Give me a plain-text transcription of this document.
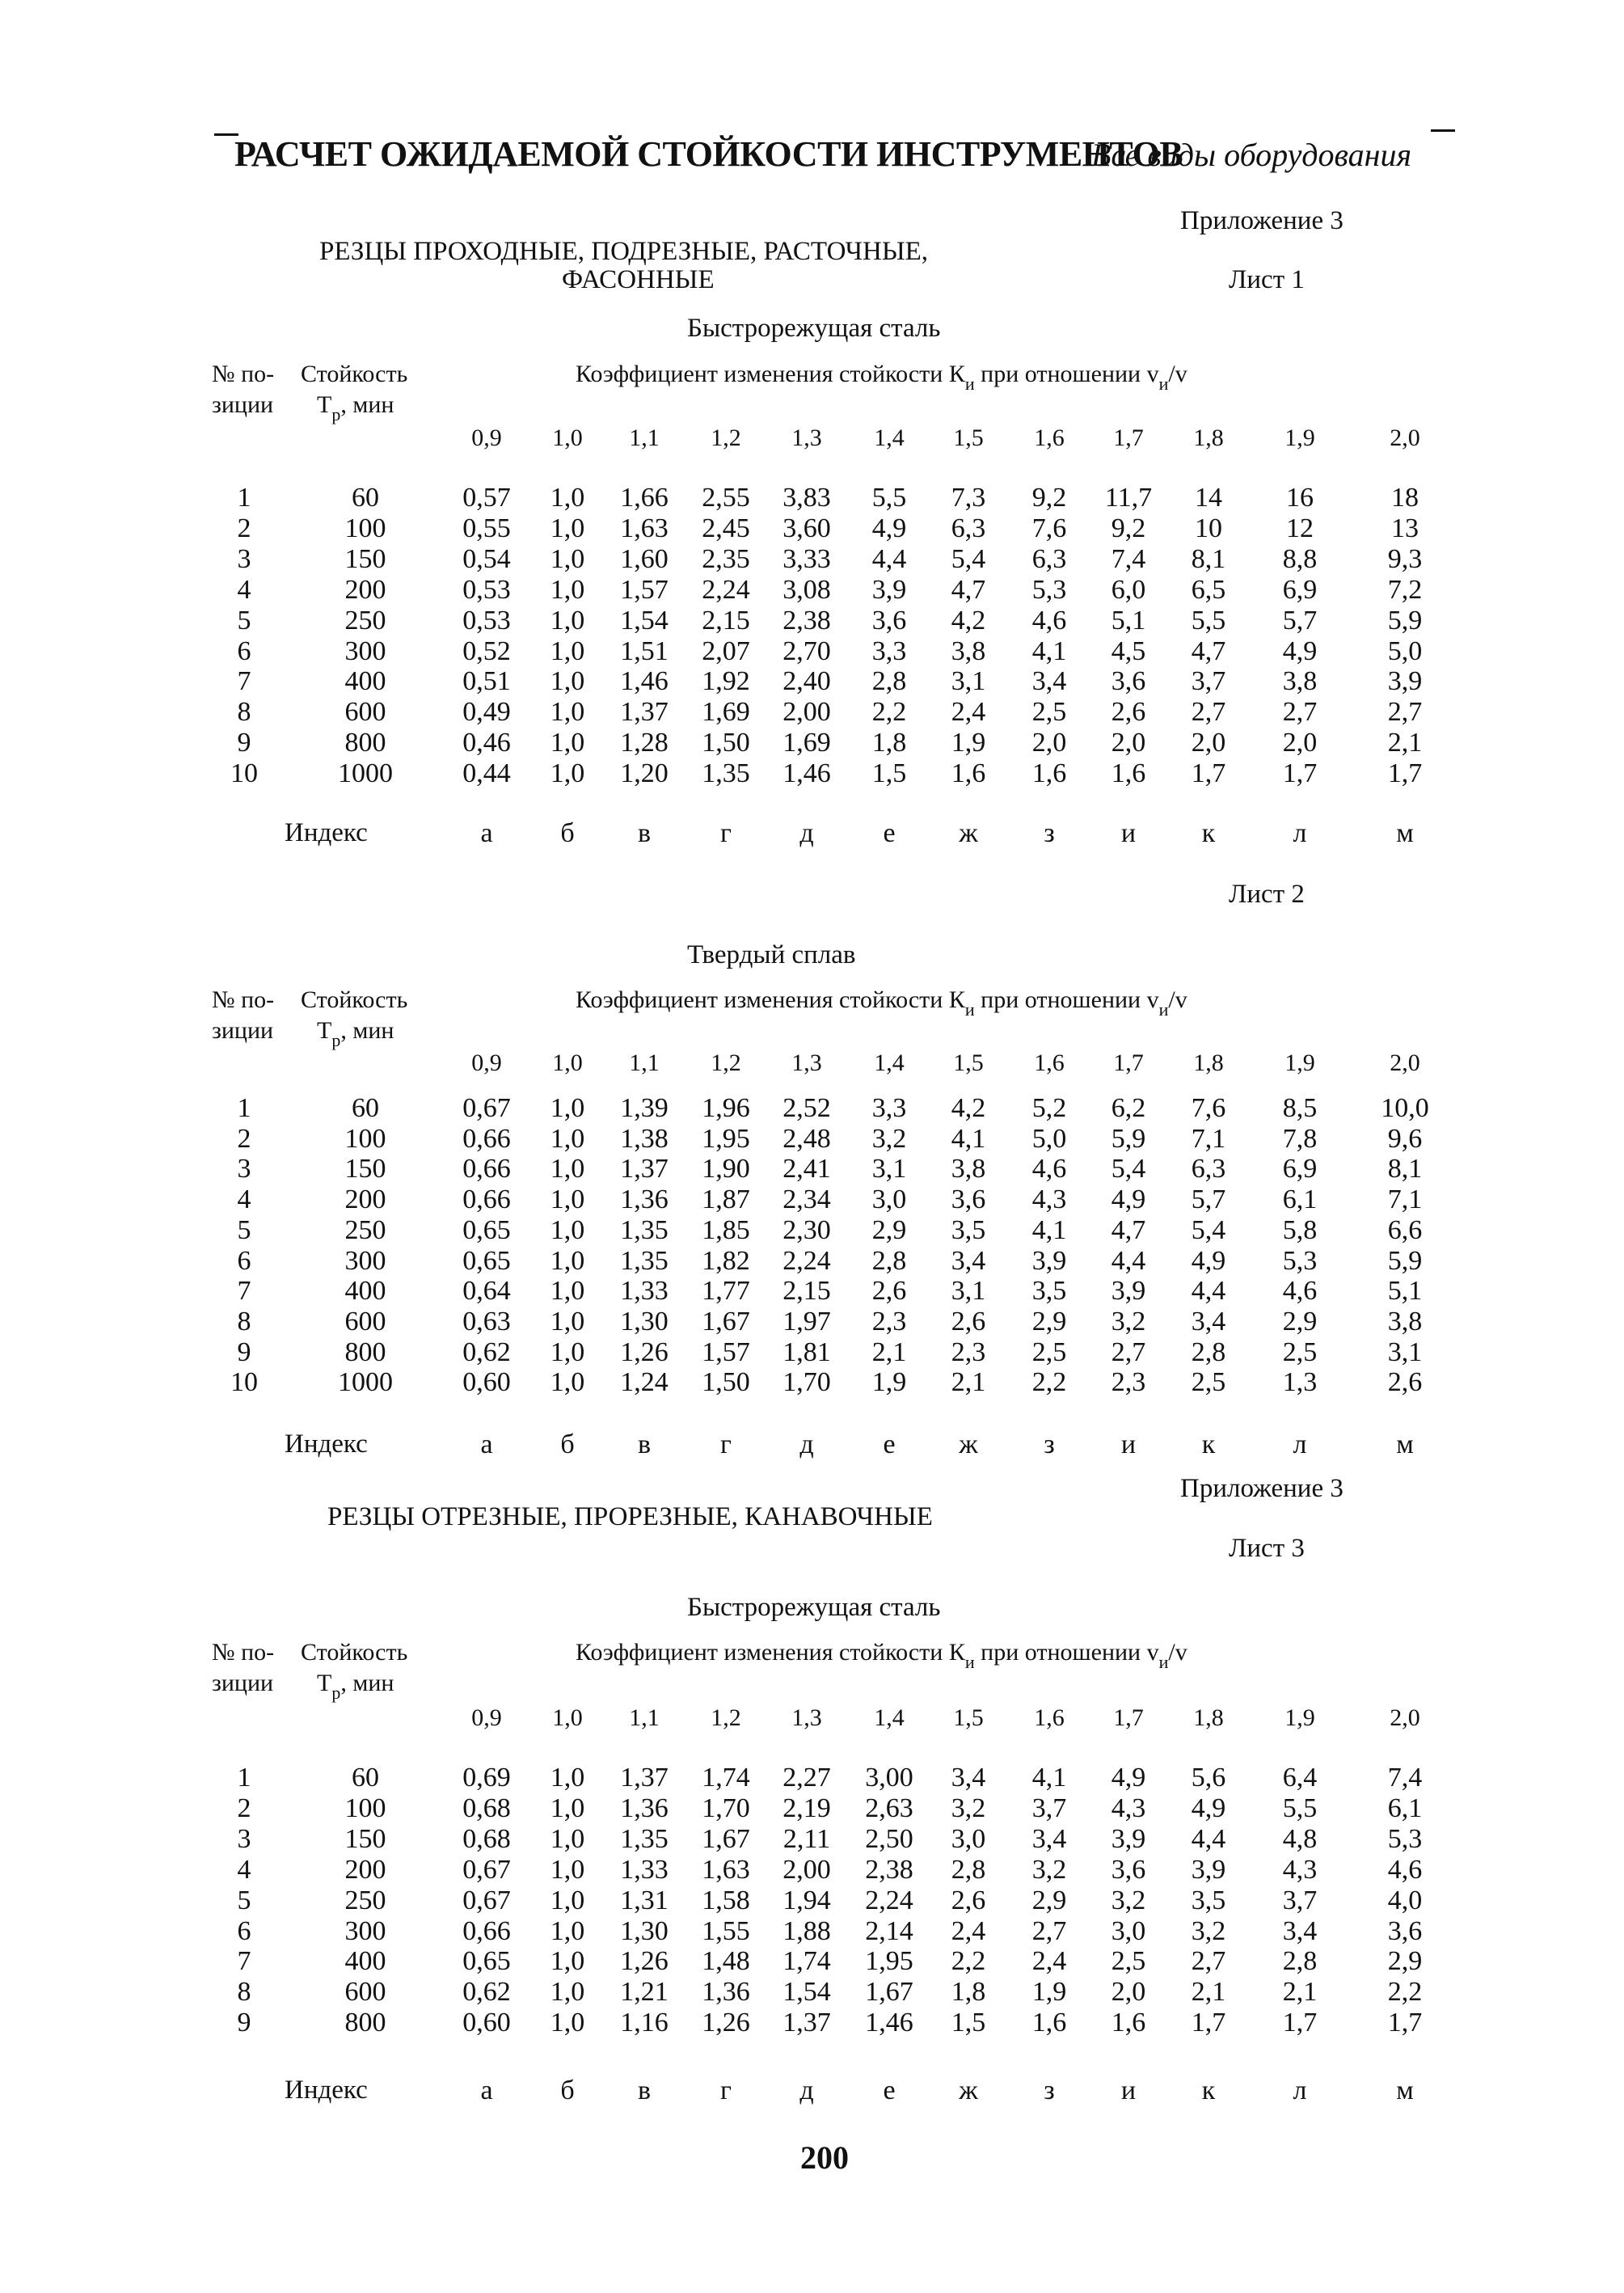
РАСЧЕТ ОЖИДАЕМОЙ СТОЙКОСТИ ИНСТРУМЕНТОВ
Все виды оборудования
Приложение 3
РЕЗЦЫ ПРОХОДНЫЕ, ПОДРЕЗНЫЕ, РАСТОЧНЫЕ,
ФАСОННЫЕ	Лист 1
Лист 2
Приложение 3
РЕЗЦЫ ОТРЕЗНЫЕ, ПРОРЕЗНЫЕ, КАНАВОЧНЫЕ
Лист 3
Быстрорежущая сталь
№ по-
зиции
Стойкость
$Т_р$, мин
Коэффициент изменения стойкости $К_и$ при отношении $v_и/v$
0,9	1,0	1,1	1,2	1,3	1,4	1,5	1,6	1,7	1,8	1,9	2,0
1	60	0,57	1,0	1,66	2,55	3,83	5,5	7,3	9,2	11,7	14	16	18
2	100	0,55	1,0	1,63	2,45	3,60	4,9	6,3	7,6	9,2	10	12	13
3	150	0,54	1,0	1,60	2,35	3,33	4,4	5,4	6,3	7,4	8,1	8,8	9,3
4	200	0,53	1,0	1,57	2,24	3,08	3,9	4,7	5,3	6,0	6,5	6,9	7,2
5	250	0,53	1,0	1,54	2,15	2,38	3,6	4,2	4,6	5,1	5,5	5,7	5,9
6	300	0,52	1,0	1,51	2,07	2,70	3,3	3,8	4,1	4,5	4,7	4,9	5,0
7	400	0,51	1,0	1,46	1,92	2,40	2,8	3,1	3,4	3,6	3,7	3,8	3,9
8	600	0,49	1,0	1,37	1,69	2,00	2,2	2,4	2,5	2,6	2,7	2,7	2,7
9	800	0,46	1,0	1,28	1,50	1,69	1,8	1,9	2,0	2,0	2,0	2,0	2,1
10	1000	0,44	1,0	1,20	1,35	1,46	1,5	1,6	1,6	1,6	1,7	1,7	1,7
Индекс	а	б	в	г	д	е	ж	з	и	к	л	м
Твердый сплав
№ по-
зиции
Стойкость
$Т_р$, мин
Коэффициент изменения стойкости $К_и$ при отношении $v_и/v$
0,9	1,0	1,1	1,2	1,3	1,4	1,5	1,6	1,7	1,8	1,9	2,0
1	60	0,67	1,0	1,39	1,96	2,52	3,3	4,2	5,2	6,2	7,6	8,5	10,0
2	100	0,66	1,0	1,38	1,95	2,48	3,2	4,1	5,0	5,9	7,1	7,8	9,6
3	150	0,66	1,0	1,37	1,90	2,41	3,1	3,8	4,6	5,4	6,3	6,9	8,1
4	200	0,66	1,0	1,36	1,87	2,34	3,0	3,6	4,3	4,9	5,7	6,1	7,1
5	250	0,65	1,0	1,35	1,85	2,30	2,9	3,5	4,1	4,7	5,4	5,8	6,6
6	300	0,65	1,0	1,35	1,82	2,24	2,8	3,4	3,9	4,4	4,9	5,3	5,9
7	400	0,64	1,0	1,33	1,77	2,15	2,6	3,1	3,5	3,9	4,4	4,6	5,1
8	600	0,63	1,0	1,30	1,67	1,97	2,3	2,6	2,9	3,2	3,4	2,9	3,8
9	800	0,62	1,0	1,26	1,57	1,81	2,1	2,3	2,5	2,7	2,8	2,5	3,1
10	1000	0,60	1,0	1,24	1,50	1,70	1,9	2,1	2,2	2,3	2,5	1,3	2,6
Индекс	а	б	в	г	д	е	ж	з	и	к	л	м
Быстрорежущая сталь
№ по-
зиции
Стойкость
$Т_р$, мин
Коэффициент изменения стойкости $К_и$ при отношении $v_и/v$
0,9	1,0	1,1	1,2	1,3	1,4	1,5	1,6	1,7	1,8	1,9	2,0
1	60	0,69	1,0	1,37	1,74	2,27	3,00	3,4	4,1	4,9	5,6	6,4	7,4
2	100	0,68	1,0	1,36	1,70	2,19	2,63	3,2	3,7	4,3	4,9	5,5	6,1
3	150	0,68	1,0	1,35	1,67	2,11	2,50	3,0	3,4	3,9	4,4	4,8	5,3
4	200	0,67	1,0	1,33	1,63	2,00	2,38	2,8	3,2	3,6	3,9	4,3	4,6
5	250	0,67	1,0	1,31	1,58	1,94	2,24	2,6	2,9	3,2	3,5	3,7	4,0
6	300	0,66	1,0	1,30	1,55	1,88	2,14	2,4	2,7	3,0	3,2	3,4	3,6
7	400	0,65	1,0	1,26	1,48	1,74	1,95	2,2	2,4	2,5	2,7	2,8	2,9
8	600	0,62	1,0	1,21	1,36	1,54	1,67	1,8	1,9	2,0	2,1	2,1	2,2
9	800	0,60	1,0	1,16	1,26	1,37	1,46	1,5	1,6	1,6	1,7	1,7	1,7
Индекс	а	б	в	г	д	е	ж	з	и	к	л	м
200
